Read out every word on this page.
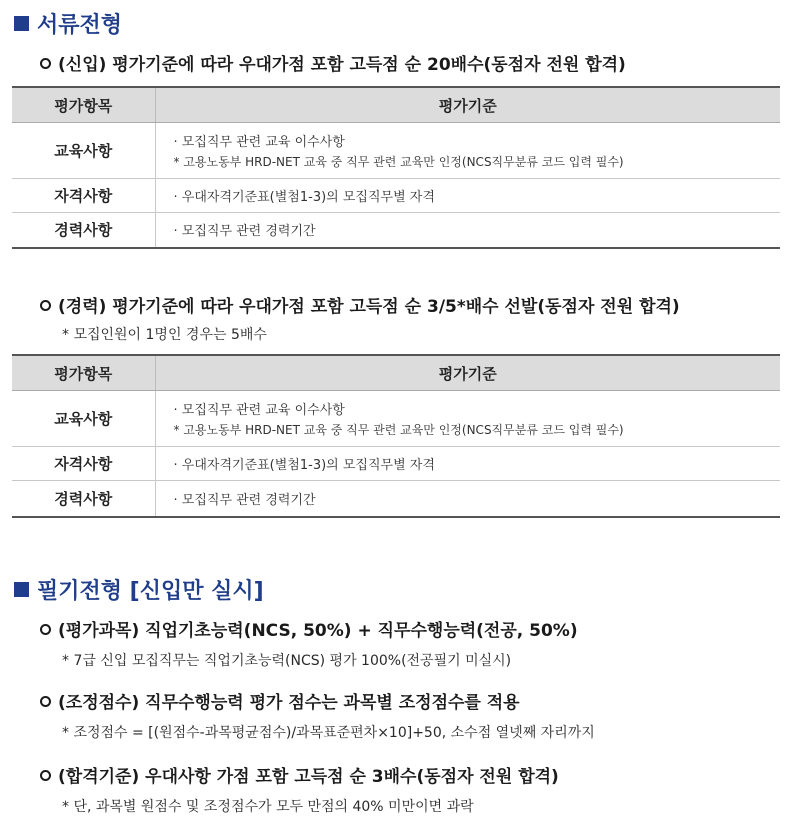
서류전형
(신입) 평가기준에 따라 우대가점 포함 고득점 순 20배수(동점자 전원 합격)
평가항목	평가기준
교육사항	· 모집직무 관련 교육 이수사항
* 고용노동부 HRD-NET 교육 중 직무 관련 교육만 인정(NCS직무분류 코드 입력 필수)

자격사항	· 우대자격기준표(별첨1-3)의 모집직무별 자격
경력사항	· 모집직무 관련 경력기간
(경력) 평가기준에 따라 우대가점 포함 고득점 순 3/5*배수 선발(동점자 전원 합격)
* 모집인원이 1명인 경우는 5배수
평가항목	평가기준
교육사항	· 모집직무 관련 교육 이수사항
* 고용노동부 HRD-NET 교육 중 직무 관련 교육만 인정(NCS직무분류 코드 입력 필수)

자격사항	· 우대자격기준표(별첨1-3)의 모집직무별 자격
경력사항	· 모집직무 관련 경력기간
필기전형 [신입만 실시]
(평가과목) 직업기초능력(NCS, 50%) + 직무수행능력(전공, 50%)
* 7급 신입 모집직무는 직업기초능력(NCS) 평가 100%(전공필기 미실시)
(조정점수) 직무수행능력 평가 점수는 과목별 조정점수를 적용
* 조정점수 = [(원점수-과목평균점수)/과목표준편차×10]+50, 소수점 열넷째 자리까지
(합격기준) 우대사항 가점 포함 고득점 순 3배수(동점자 전원 합격)
* 단, 과목별 원점수 및 조정점수가 모두 만점의 40% 미만이면 과락
